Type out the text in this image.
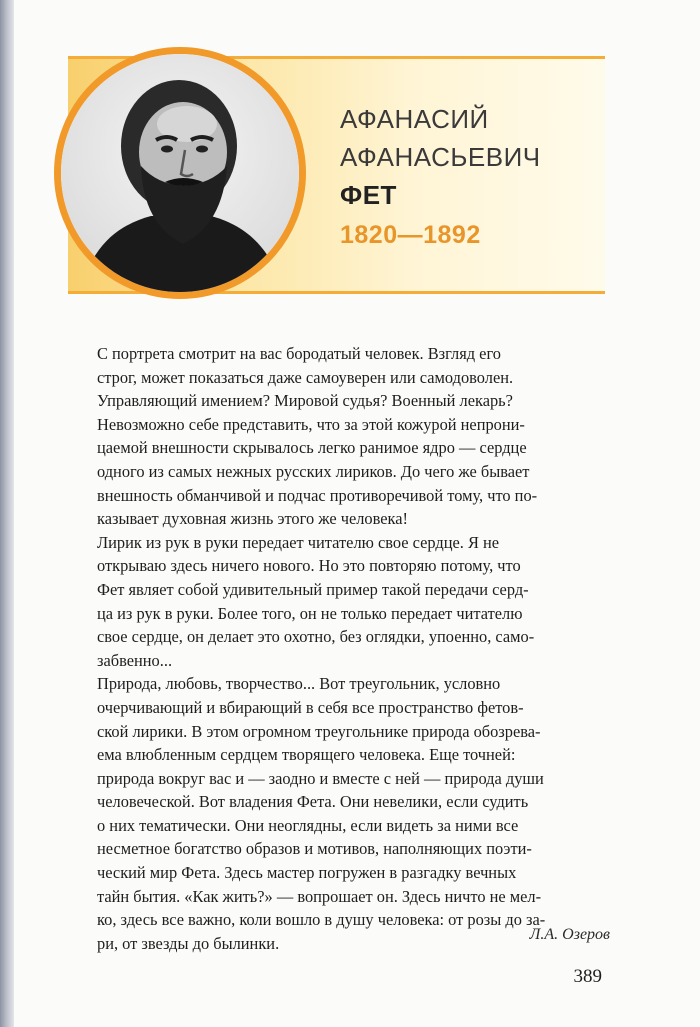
АФАНАСИЙ
АФАНАСЬЕВИЧ
ФЕТ
1820—1892
С портрета смотрит на вас бородатый человек. Взгляд его
строг, может показаться даже самоуверен или самодоволен.
Управляющий имением? Мировой судья? Военный лекарь?
Невозможно себе представить, что за этой кожурой непрони-
цаемой внешности скрывалось легко ранимое ядро — сердце
одного из самых нежных русских лириков. До чего же бывает
внешность обманчивой и подчас противоречивой тому, что по-
казывает духовная жизнь этого же человека!
Лирик из рук в руки передает читателю свое сердце. Я не
открываю здесь ничего нового. Но это повторяю потому, что
Фет являет собой удивительный пример такой передачи серд-
ца из рук в руки. Более того, он не только передает читателю
свое сердце, он делает это охотно, без оглядки, упоенно, само-
забвенно...
Природа, любовь, творчество... Вот треугольник, условно
очерчивающий и вбирающий в себя все пространство фетов-
ской лирики. В этом огромном треугольнике природа обозрева-
ема влюбленным сердцем творящего человека. Еще точней:
природа вокруг вас и — заодно и вместе с ней — природа души
человеческой. Вот владения Фета. Они невелики, если судить
о них тематически. Они неоглядны, если видеть за ними все
несметное богатство образов и мотивов, наполняющих поэти-
ческий мир Фета. Здесь мастер погружен в разгадку вечных
тайн бытия. «Как жить?» — вопрошает он. Здесь ничто не мел-
ко, здесь все важно, коли вошло в душу человека: от розы до за-
ри, от звезды до былинки.	Л.А. Озеров
389
